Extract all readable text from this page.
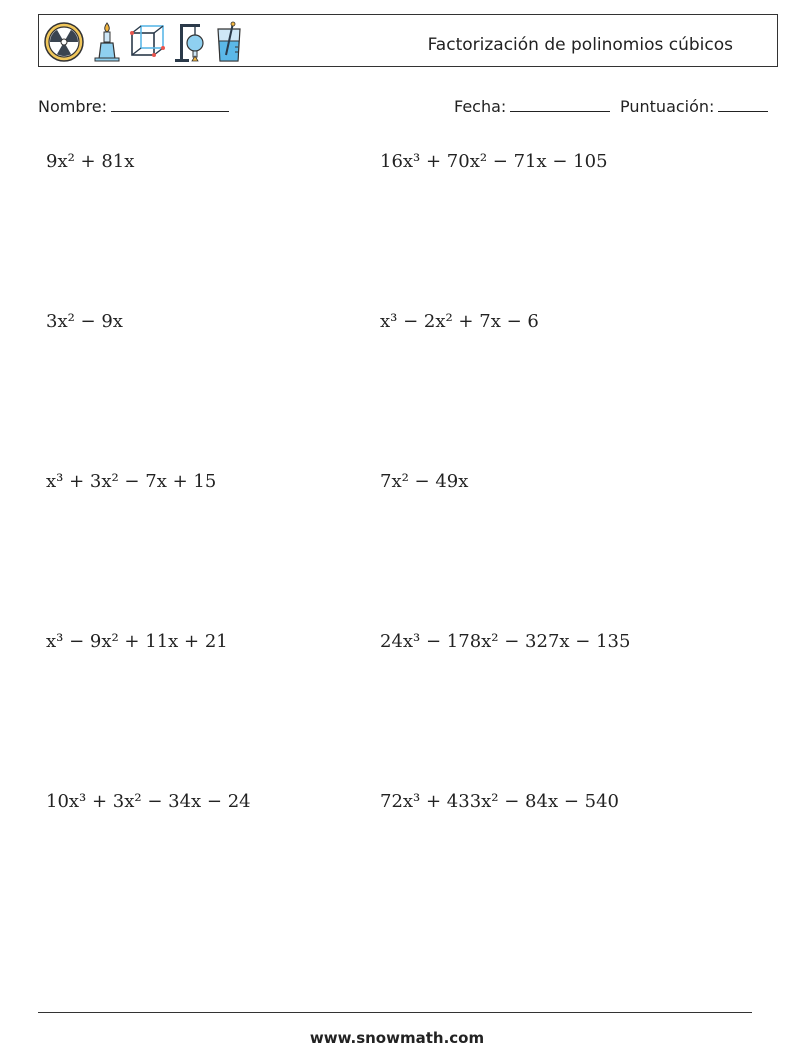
Factorización de polinomios cúbicos
Nombre:	Fecha:	Puntuación:
9x² + 81x	16x³ + 70x² − 71x − 105
3x² − 9x	x³ − 2x² + 7x − 6
x³ + 3x² − 7x + 15	7x² − 49x
x³ − 9x² + 11x + 21	24x³ − 178x² − 327x − 135
10x³ + 3x² − 34x − 24	72x³ + 433x² − 84x − 540
www.snowmath.com
